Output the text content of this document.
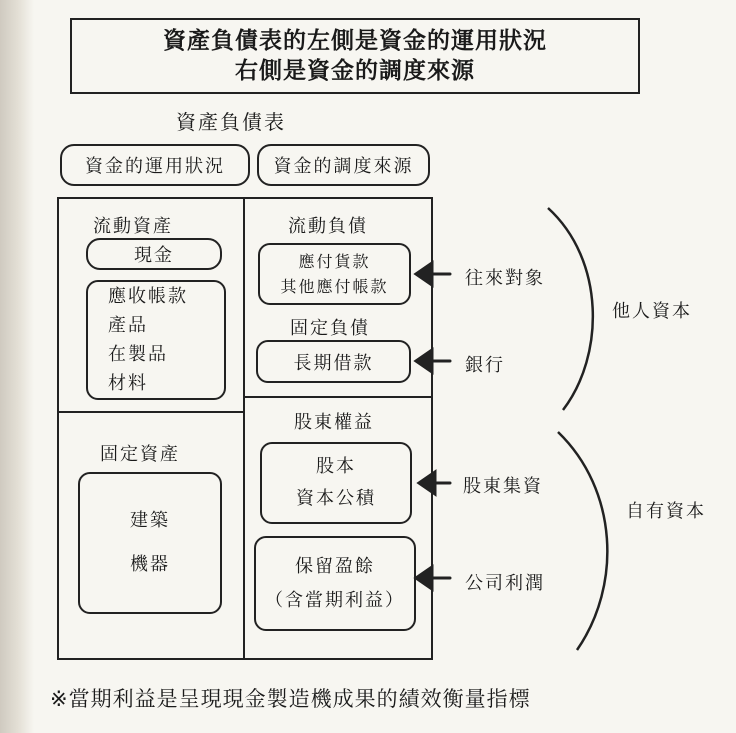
資產負債表的左側是資金的運用狀況
右側是資金的調度來源
資產負債表
資金的運用狀況	資金的調度來源
流動資產
現金
應收帳款
產品
在製品
材料
固定資產
建築
機器
流動負債
應付貨款
其他應付帳款
固定負債
長期借款
股東權益
股本
資本公積
保留盈餘
（含當期利益）
往來對象
銀行
股東集資
公司利潤
他人資本
自有資本
※當期利益是呈現現金製造機成果的績效衡量指標
